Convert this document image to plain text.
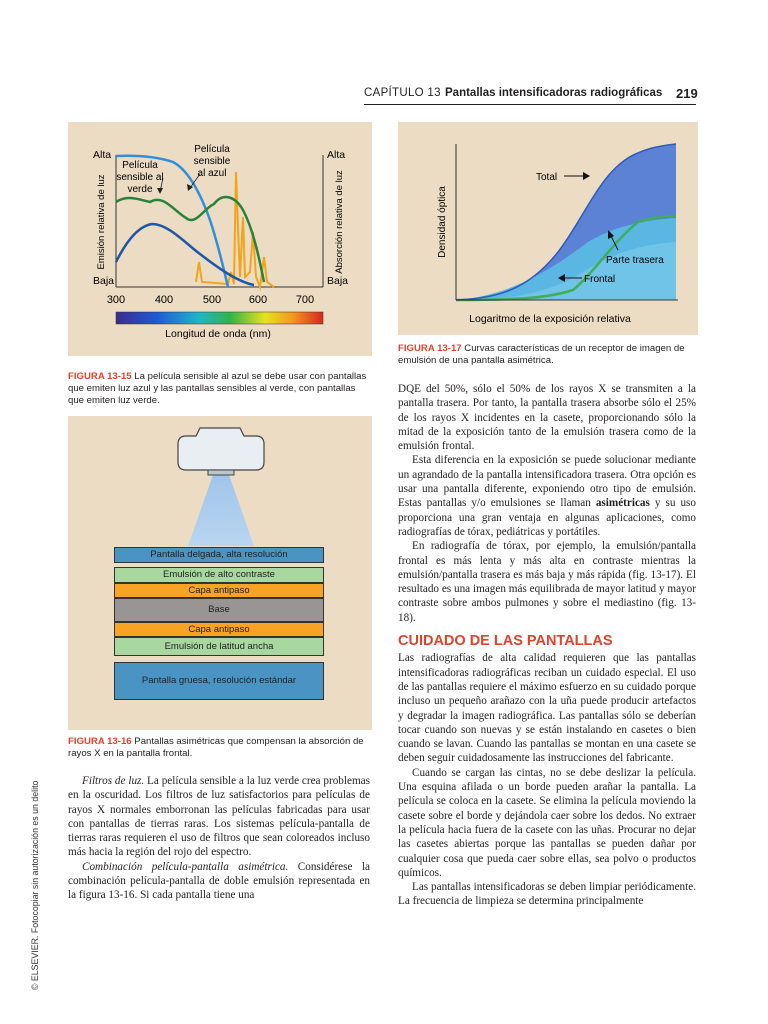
CAPÍTULO 13 Pantallas intensificadoras radiográficas 219
300	400	500	600	700
Longitud de onda (nm)
Alta
Baja
Alta
Baja
Emisión relativa de luz	Absorción relativa de luz
Película
sensible al
verde
Película
sensible
al azul
FIGURA 13-15 La película sensible al azul se debe usar con pantallas que emiten luz azul y las pantallas sensibles al verde, con pantallas que emiten luz verde.
Pantalla delgada, alta resolución
Emulsión de alto contraste
Capa antipaso
Base
Capa antipaso
Emulsión de latitud ancha
Pantalla gruesa, resolución estándar
FIGURA 13-16 Pantallas asimétricas que compensan la absorción de rayos X en la pantalla frontal.

Filtros de luz. La película sensible a la luz verde crea problemas en la oscuridad. Los filtros de luz satisfactorios para películas de rayos X normales emborronan las películas fabricadas para usar con pantallas de tierras raras. Los sistemas película-pantalla de tierras raras requieren el uso de filtros que sean coloreados incluso más hacia la región del rojo del espectro.

Combinación película-pantalla asimétrica. Considérese la combinación película-pantalla de doble emulsión representada en la figura 13-16. Si cada pantalla tiene una

Densidad óptica
Logaritmo de la exposición relativa
Total
Parte trasera
Frontal
FIGURA 13-17 Curvas características de un receptor de imagen de emulsión de una pantalla asimétrica.

DQE del 50%, sólo el 50% de los rayos X se transmiten a la pantalla trasera. Por tanto, la pantalla trasera absorbe sólo el 25% de los rayos X incidentes en la casete, proporcionando sólo la mitad de la exposición tanto de la emulsión trasera como de la emulsión frontal.

Esta diferencia en la exposición se puede solucionar mediante un agrandado de la pantalla intensificadora trasera. Otra opción es usar una pantalla diferente, exponiendo otro tipo de emulsión. Estas pantallas y/o emulsiones se llaman asimétricas y su uso proporciona una gran ventaja en algunas aplicaciones, como radiografías de tórax, pediátricas y portátiles.

En radiografía de tórax, por ejemplo, la emulsión/pantalla frontal es más lenta y más alta en contraste mientras la emulsión/pantalla trasera es más baja y más rápida (fig. 13-17). El resultado es una imagen más equilibrada de mayor latitud y mayor contraste sobre ambos pulmones y sobre el mediastino (fig. 13-18).

CUIDADO DE LAS PANTALLAS

Las radiografías de alta calidad requieren que las pantallas intensificadoras radiográficas reciban un cuidado especial. El uso de las pantallas requiere el máximo esfuerzo en su cuidado porque incluso un pequeño arañazo con la uña puede producir artefactos y degradar la imagen radiográfica. Las pantallas sólo se deberían tocar cuando son nuevas y se están instalando en casetes o bien cuando se lavan. Cuando las pantallas se montan en una casete se deben seguir cuidadosamente las instrucciones del fabricante.

Cuando se cargan las cintas, no se debe deslizar la película. Una esquina afilada o un borde pueden arañar la pantalla. La película se coloca en la casete. Se elimina la película moviendo la casete sobre el borde y dejándola caer sobre los dedos. No extraer la película hacia fuera de la casete con las uñas. Procurar no dejar las casetes abiertas porque las pantallas se pueden dañar por cualquier cosa que pueda caer sobre ellas, sea polvo o productos químicos.

Las pantallas intensificadoras se deben limpiar periódicamente. La frecuencia de limpieza se determina principalmente

© ELSEVIER. Fotocopiar sin autorización es un delito
